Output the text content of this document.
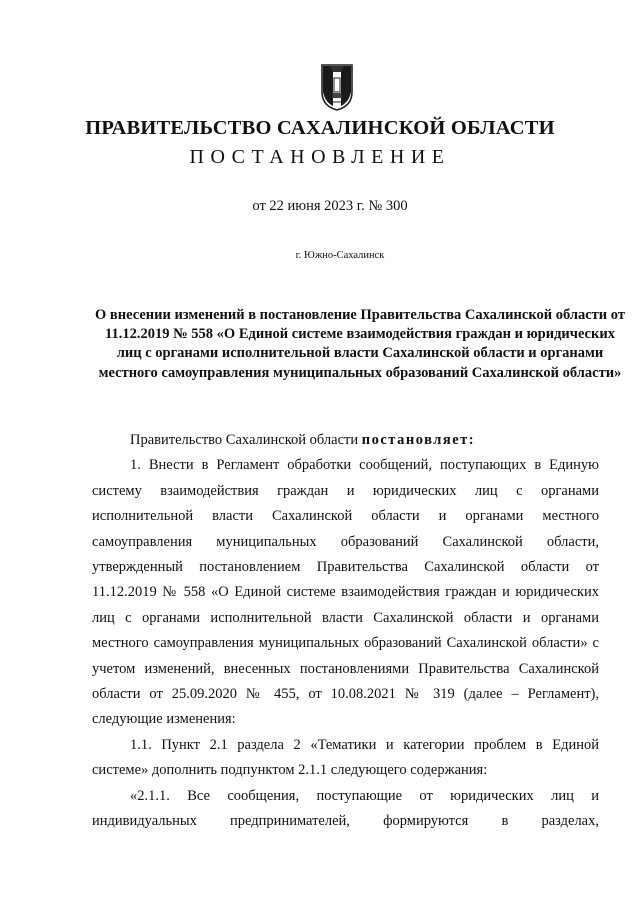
ПРАВИТЕЛЬСТВО САХАЛИНСКОЙ ОБЛАСТИ
ПОСТАНОВЛЕНИЕ
от 22 июня 2023 г. № 300
г. Южно-Сахалинск
О внесении изменений в постановление Правительства Сахалинской области от 11.12.2019 № 558 «О Единой системе взаимодействия граждан и юридических лиц с органами исполнительной власти Сахалинской области и органами местного самоуправления муниципальных образований Сахалинской области»

Правительство Сахалинской области постановляет:

1. Внести в Регламент обработки сообщений, поступающих в Единую систему взаимодействия граждан и юридических лиц с органами исполнительной власти Сахалинской области и органами местного самоуправления муниципальных образований Сахалинской области, утвержденный постановлением Правительства Сахалинской области от 11.12.2019 № 558 «О Единой системе взаимодействия граждан и юридических лиц с органами исполнительной власти Сахалинской области и органами местного самоуправления муниципальных образований Сахалинской области» с учетом изменений, внесенных постановлениями Правительства Сахалинской области от 25.09.2020 № 455, от 10.08.2021 № 319 (далее – Регламент), следующие изменения:

1.1. Пункт 2.1 раздела 2 «Тематики и категории проблем в Единой системе» дополнить подпунктом 2.1.1 следующего содержания:

«2.1.1. Все сообщения, поступающие от юридических лиц и индивидуальных предпринимателей, формируются в разделах,
